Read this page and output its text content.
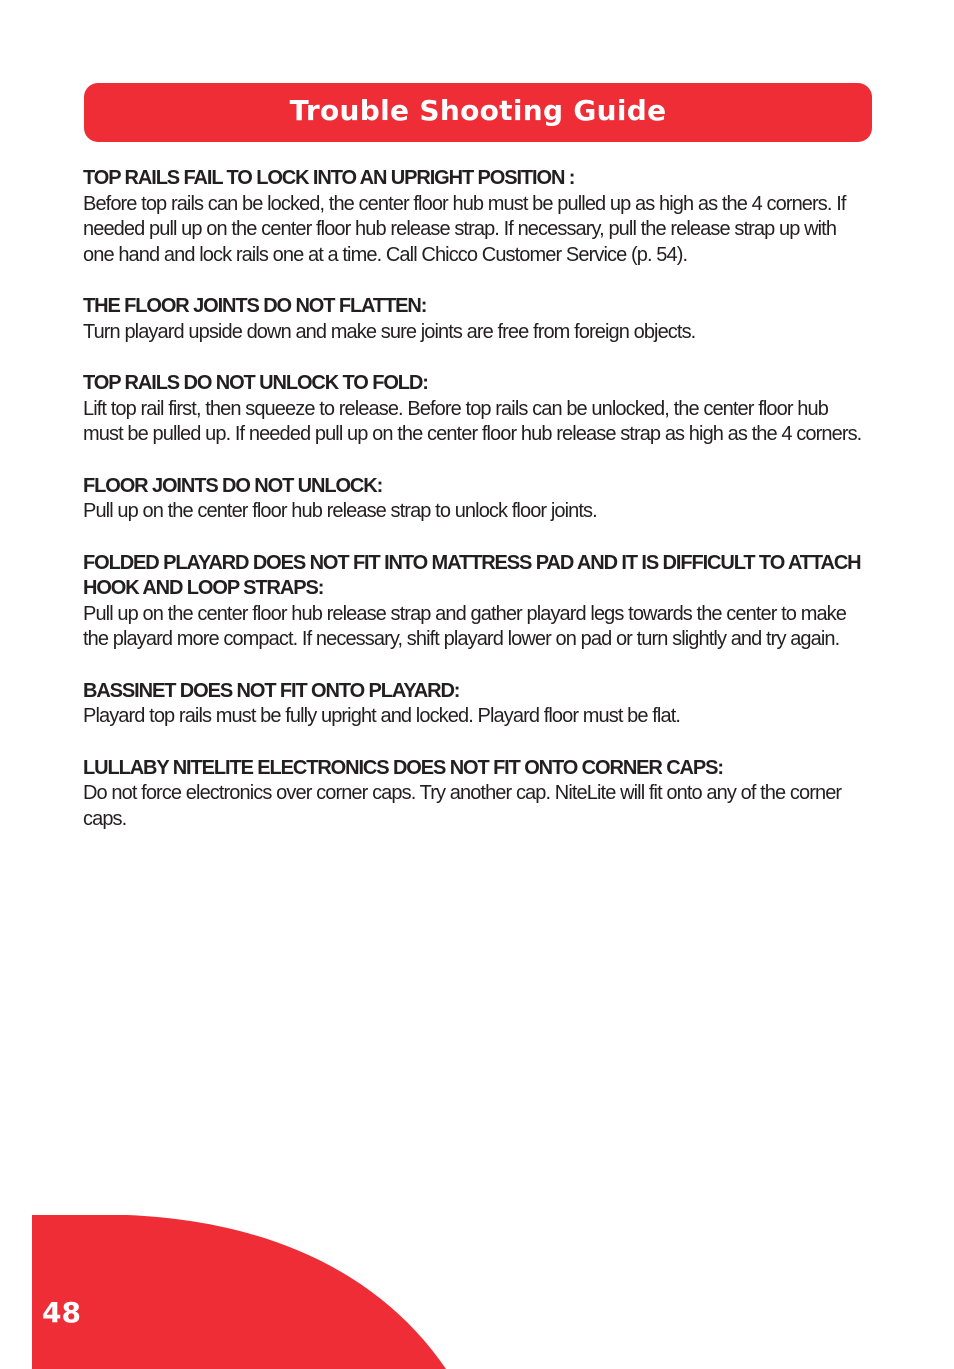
Trouble Shooting Guide

TOP RAILS FAIL TO LOCK INTO AN UPRIGHT POSITION :

Before top rails can be locked, the center floor hub must be pulled up as high as the 4 corners. If needed pull up on the center floor hub release strap. If necessary, pull the release strap up with one hand and lock rails one at a time. Call Chicco Customer Service (p. 54).

THE FLOOR JOINTS DO NOT FLATTEN:

Turn playard upside down and make sure joints are free from foreign objects.

TOP RAILS DO NOT UNLOCK TO FOLD:

Lift top rail first, then squeeze to release. Before top rails can be unlocked, the center floor hub must be pulled up. If needed pull up on the center floor hub release strap as high as the 4 corners.

FLOOR JOINTS DO NOT UNLOCK:

Pull up on the center floor hub release strap to unlock floor joints.

FOLDED PLAYARD DOES NOT FIT INTO MATTRESS PAD AND IT IS DIFFICULT TO ATTACH HOOK AND LOOP STRAPS:

Pull up on the center floor hub release strap and gather playard legs towards the center to make the playard more compact. If necessary, shift playard lower on pad or turn slightly and try again.

BASSINET DOES NOT FIT ONTO PLAYARD:

Playard top rails must be fully upright and locked. Playard floor must be flat.

LULLABY NITELITE ELECTRONICS DOES NOT FIT ONTO CORNER CAPS:

Do not force electronics over corner caps. Try another cap. NiteLite will fit onto any of the corner caps.

48
